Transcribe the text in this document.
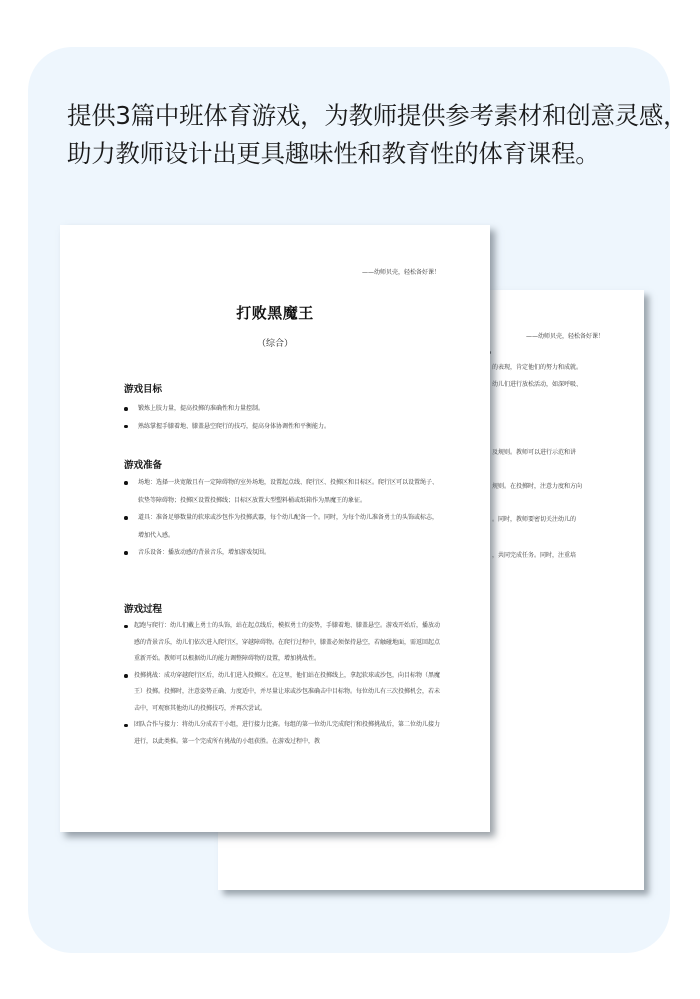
提供3篇中班体育游戏，为教师提供参考素材和创意灵感，
助力教师设计出更具趣味性和教育性的体育课程。
——幼师贝壳，轻松备好课！
的表现，肯定他们的努力和成就。
幼儿们进行放松活动，如深呼吸、
及规则。教师可以进行示范和讲
规则。在投掷时，注意力度和方向
。同时，教师要密切关注幼儿的
，共同完成任务。同时，注重培
——幼师贝壳，轻松备好课！
打败黑魔王
（综合）
游戏目标
锻炼上肢力量，提高投掷的准确性和力量控制。
熟练掌握手膝着地、膝盖悬空爬行的技巧，提高身体协调性和平衡能力。
游戏准备
场地：选择一块宽敞且有一定障碍物的室外场地，设置起点线、爬行区、投掷区和目标区。爬行区可以设置绳子、软垫等障碍物；投掷区设置投掷线；目标区放置大型塑料桶或纸箱作为黑魔王的象征。
道具：准备足够数量的软球或沙包作为投掷武器，每个幼儿配备一个。同时，为每个幼儿准备勇士的头饰或标志，增加代入感。
音乐设备：播放动感的背景音乐，增加游戏氛围。
游戏过程
起跑与爬行：幼儿们戴上勇士的头饰，站在起点线后，模拟勇士的姿势，手膝着地、膝盖悬空。游戏开始后，播放动感的背景音乐，幼儿们依次进入爬行区，穿越障碍物。在爬行过程中，膝盖必须保持悬空，若触碰地面，需返回起点重新开始。教师可以根据幼儿的能力调整障碍物的设置，增加挑战性。
投掷挑战：成功穿越爬行区后，幼儿们进入投掷区。在这里，他们站在投掷线上，拿起软球或沙包，向目标物（黑魔王）投掷。投掷时，注意姿势正确、力度适中，并尽量让球或沙包准确击中目标物。每位幼儿有三次投掷机会，若未击中，可观察其他幼儿的投掷技巧，并再次尝试。
团队合作与接力：将幼儿分成若干小组，进行接力比赛。每组的第一位幼儿完成爬行和投掷挑战后，第二位幼儿接力进行，以此类推。第一个完成所有挑战的小组获胜。在游戏过程中，教
